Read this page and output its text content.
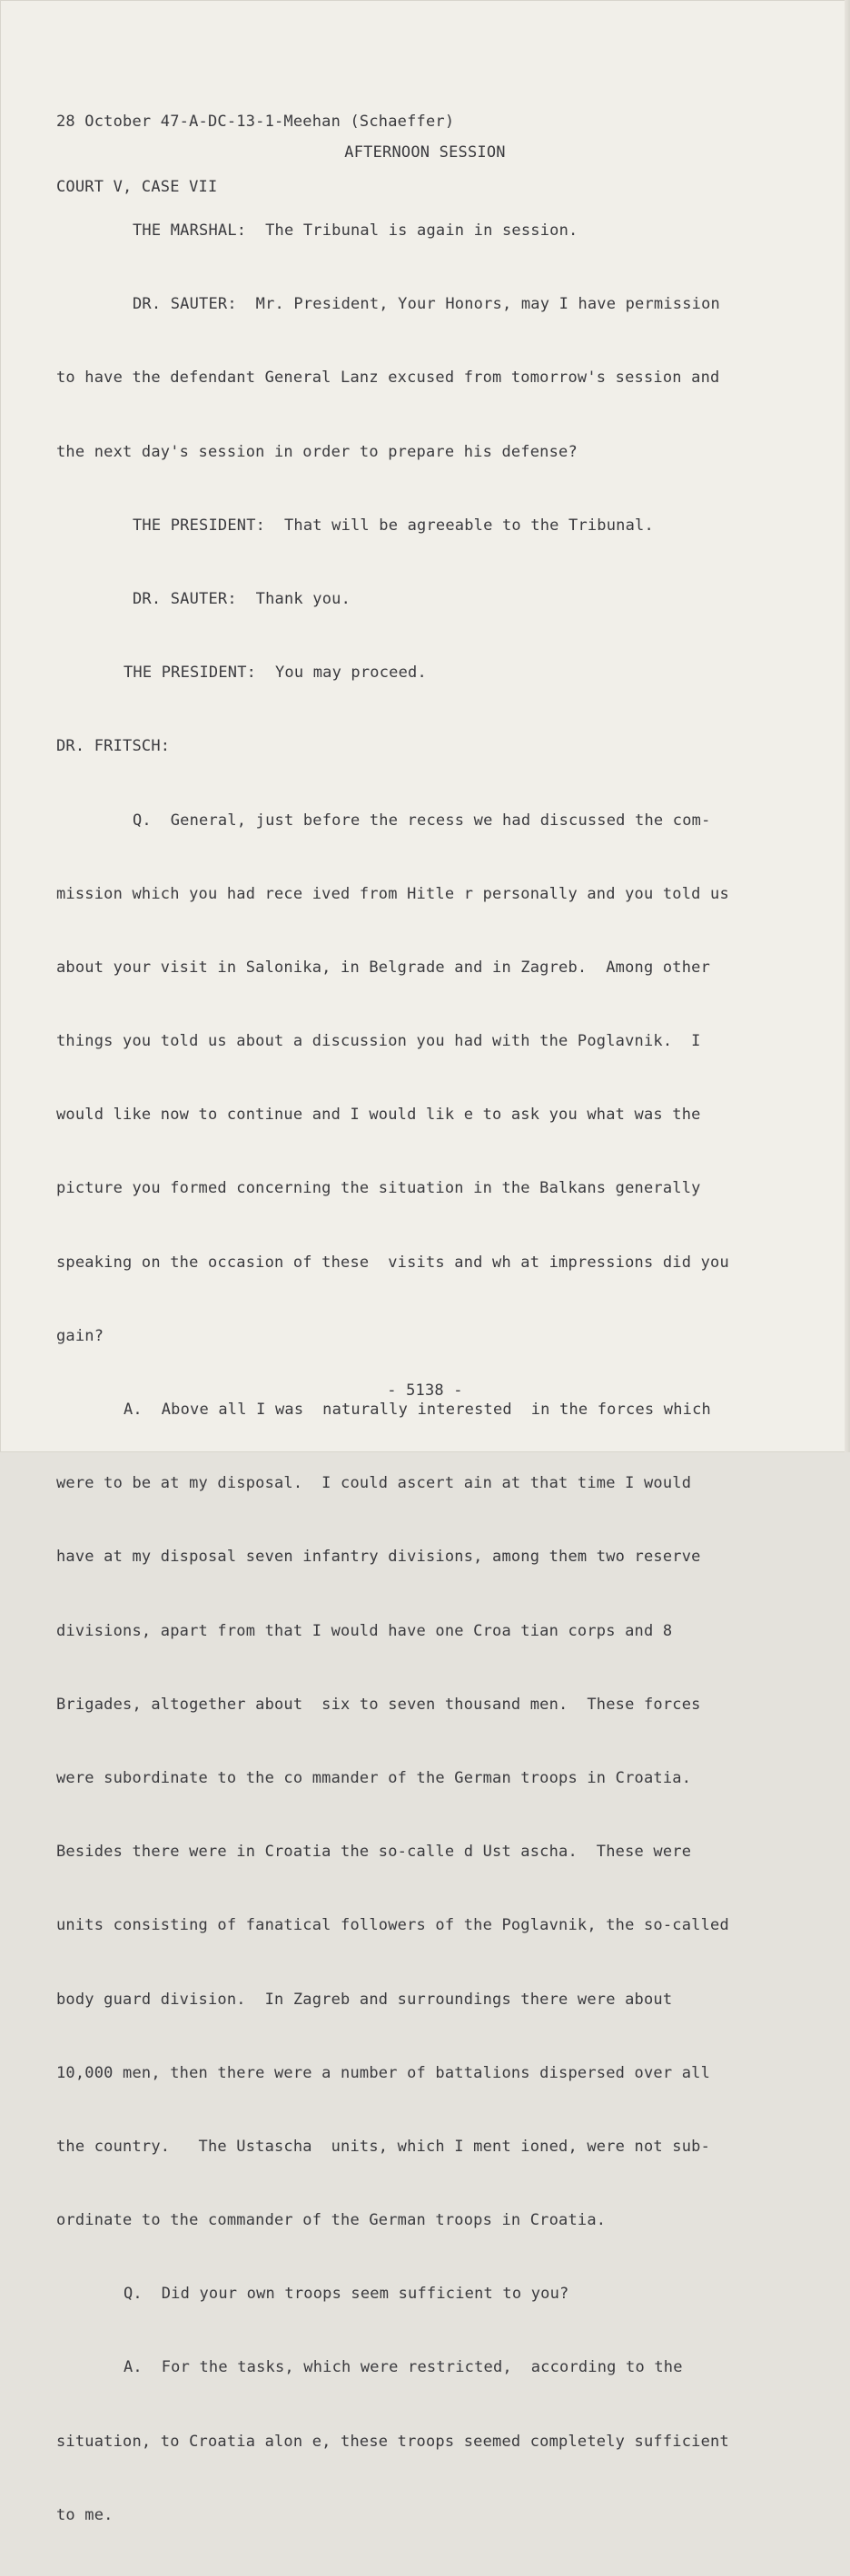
28 October 47-A-DC-13-1-Meehan (Schaeffer)

COURT V, CASE VII

AFTERNOON SESSION

THE MARSHAL:  The Tribunal is again in session.

DR. SAUTER:  Mr. President, Your Honors, may I have permission

to have the defendant General Lanz excused from tomorrow's session and

the next day's session in order to prepare his defense?

THE PRESIDENT:  That will be agreeable to the Tribunal.

DR. SAUTER:  Thank you.

THE PRESIDENT:  You may proceed.

DR. FRITSCH:

Q.  General, just before the recess we had discussed the com-

mission which you had rece ived from Hitle r personally and you told us

about your visit in Salonika, in Belgrade and in Zagreb.  Among other

things you told us about a discussion you had with the Poglavnik.  I

would like now to continue and I would lik e to ask you what was the

picture you formed concerning the situation in the Balkans generally

speaking on the occasion of these  visits and wh at impressions did you

gain?

A.  Above all I was  naturally interested  in the forces which

were to be at my disposal.  I could ascert ain at that time I would

have at my disposal seven infantry divisions, among them two reserve

divisions, apart from that I would have one Croa tian corps and 8

Brigades, altogether about  six to seven thousand men.  These forces

were subordinate to the co mmander of the German troops in Croatia.

Besides there were in Croatia the so-calle d Ust ascha.  These were

units consisting of fanatical followers of the Poglavnik, the so-called

body guard division.  In Zagreb and surroundings there were about

10,000 men, then there were a number of battalions dispersed over all

the country.   The Ustascha  units, which I ment ioned, were not sub-

ordinate to the commander of the German troops in Croatia.

Q.  Did your own troops seem sufficient to you?

A.  For the tasks, which were restricted,  according to the

situation, to Croatia alon e, these troops seemed completely sufficient

to me.

- 5138 -
